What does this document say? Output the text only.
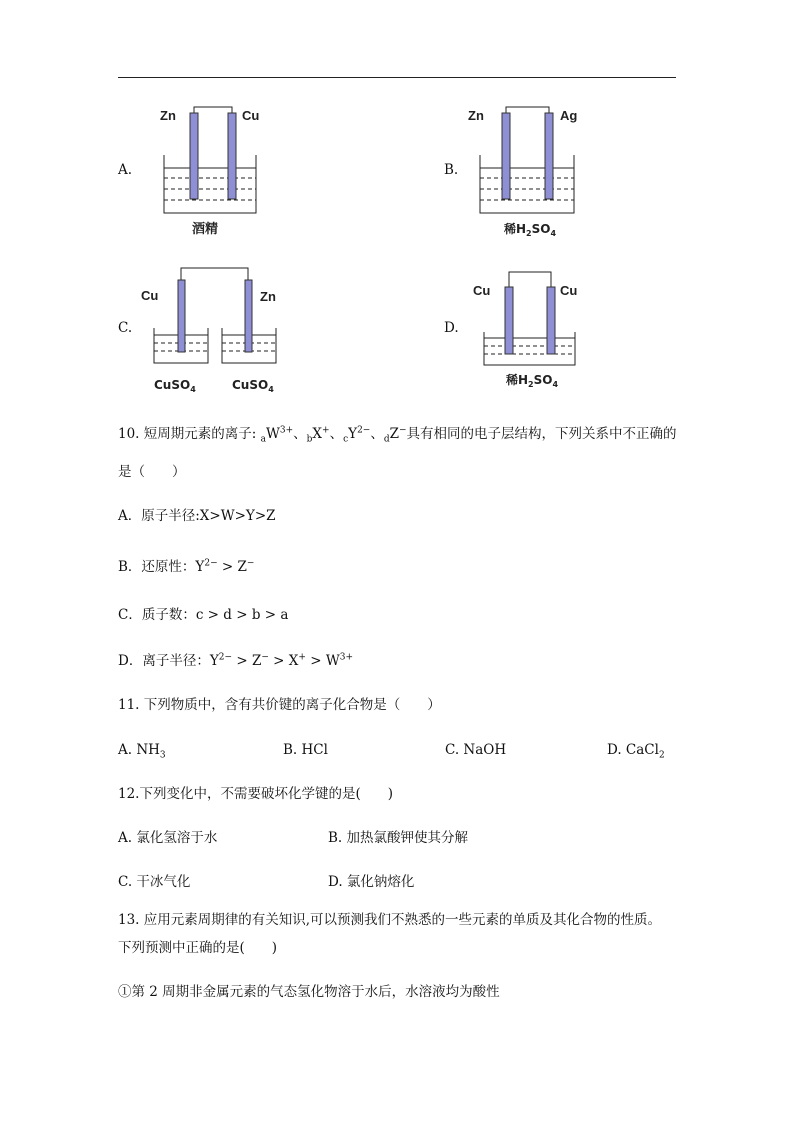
A.
Zn	Cu
酒精
B.
Zn	Ag
稀$H_2SO_4$
C.
Cu	Zn
CuSO$_4$	CuSO$_4$
D.
Cu	Cu
稀$H_2SO_4$
10. 短周期元素的离子: $_aW^{3+}$、$_b$X+、$_cY^{2-}$、$_d$Z−具有相同的电子层结构，下列关系中不正确的
是（　　）
A．原子半径:X>W>Y>Z
B．还原性：$Y^{2-} > Z^-$
C．质子数：c > d > b > a
D．离子半径：$Y^{2-} > Z^- > X^+ > W^{3+}$
11. 下列物质中，含有共价键的离子化合物是（　　）
A. $NH_3$	B. HCl	C. NaOH	D. CaCl$_2$
12.下列变化中，不需要破坏化学键的是(　　)
A. 氯化氢溶于水	B. 加热氯酸钾使其分解
C. 干冰气化	D. 氯化钠熔化
13. 应用元素周期律的有关知识,可以预测我们不熟悉的一些元素的单质及其化合物的性质。
下列预测中正确的是(　　)
①第 2 周期非金属元素的气态氢化物溶于水后，水溶液均为酸性
